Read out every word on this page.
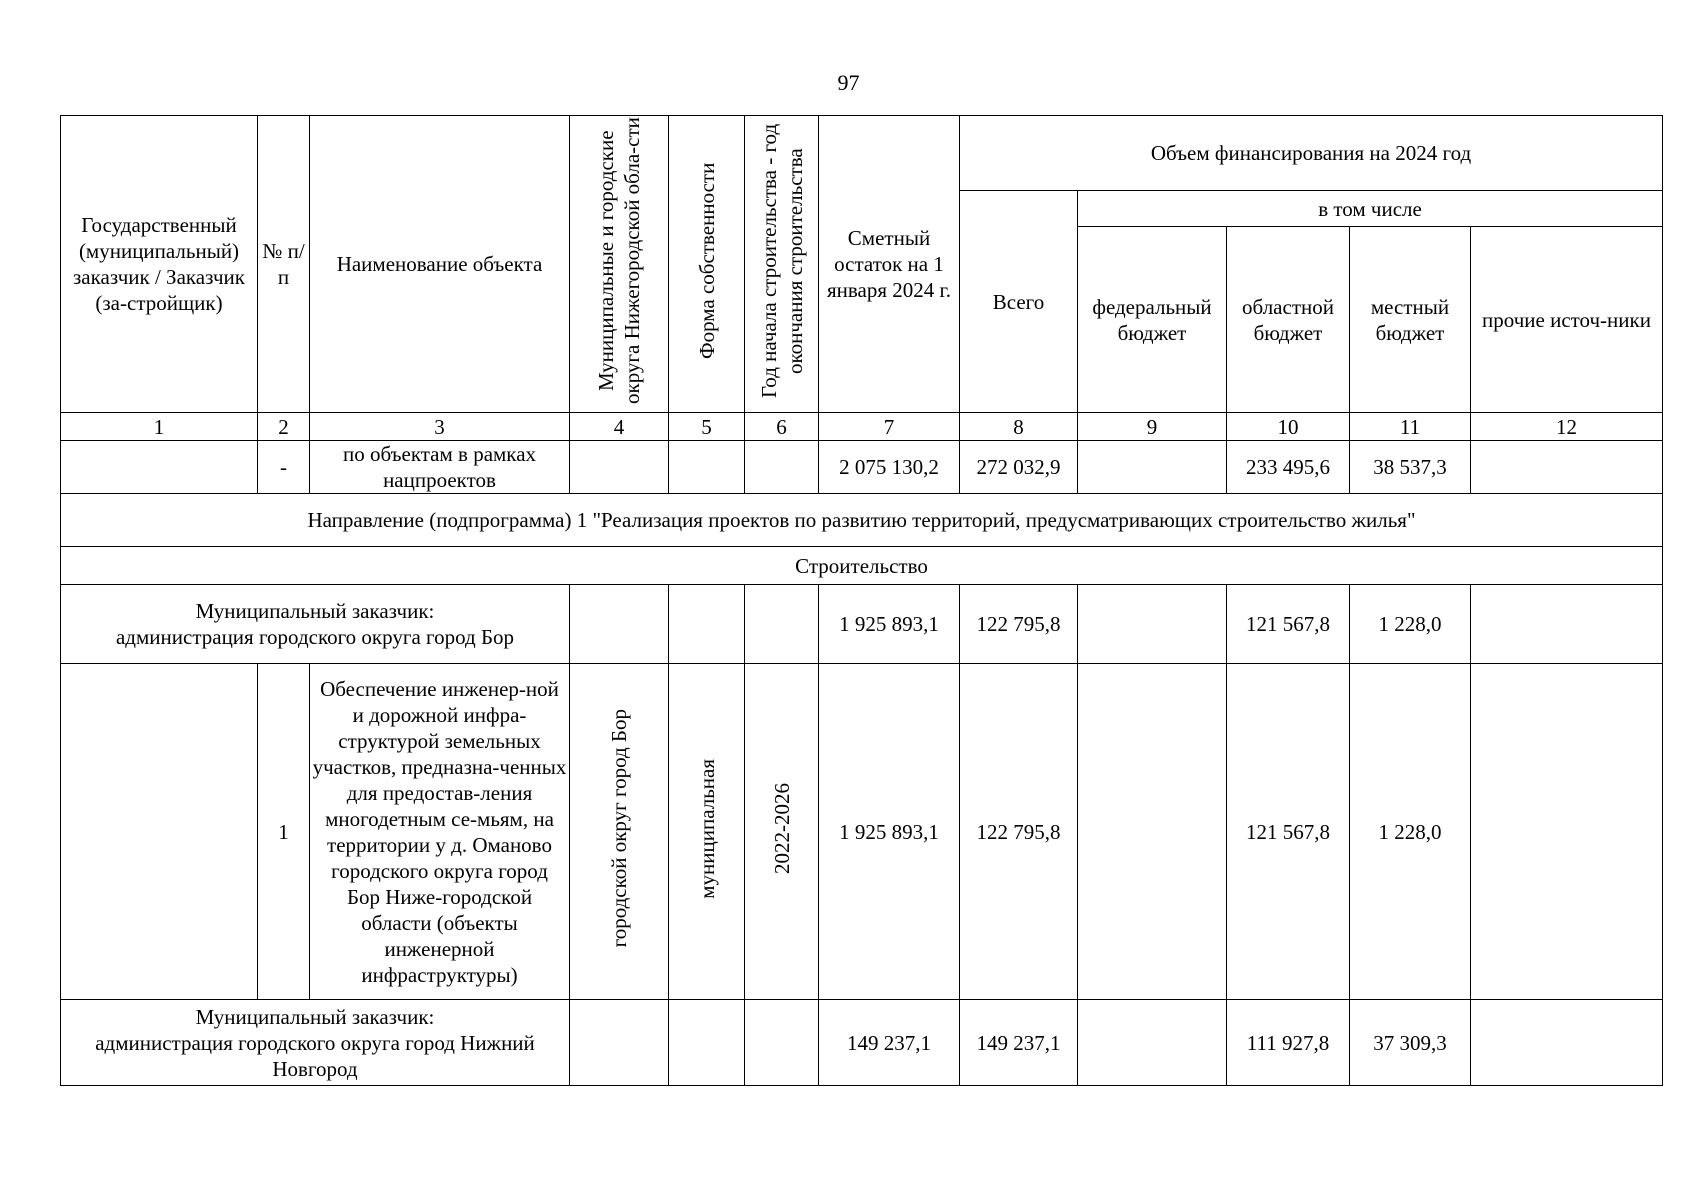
97
Государственный (муниципальный) заказчик / Заказчик (за-стройщик)	№ п/п	Наименование объекта	Муниципальные и городские округа Нижегородской обла-сти	Форма собственности	Год начала строительства - год окончания строительства	Сметный остаток на 1 января 2024 г.	Объем финансирования на 2024 год				
							Всего	в том числе			
								федеральный бюджет	областной бюджет	местный бюджет	прочие источ-ники
1	2	3	4	5	6	7	8	9	10	11	12
	-	по объектам в рамках нацпроектов				2 075 130,2	272 032,9		233 495,6	38 537,3	
Направление (подпрограмма) 1 "Реализация проектов по развитию территорий, предусматривающих строительство жилья"											
Строительство											

Муниципальный заказчик:
администрация городского округа город Бор						1 925 893,1	122 795,8		121 567,8	1 228,0	
	1	Обеспечение инженер-ной и дорожной инфра-структурой земельных участков, предназна-ченных для предостав-ления многодетным се-мьям, на территории у д. Оманово городского округа город Бор Ниже-городской области (объекты инженерной инфраструктуры)	городской округ город Бор	муниципальная	2022-2026	1 925 893,1	122 795,8		121 567,8	1 228,0	

Муниципальный заказчик:
администрация городского округа город Нижний Новгород						149 237,1	149 237,1		111 927,8	37 309,3	
